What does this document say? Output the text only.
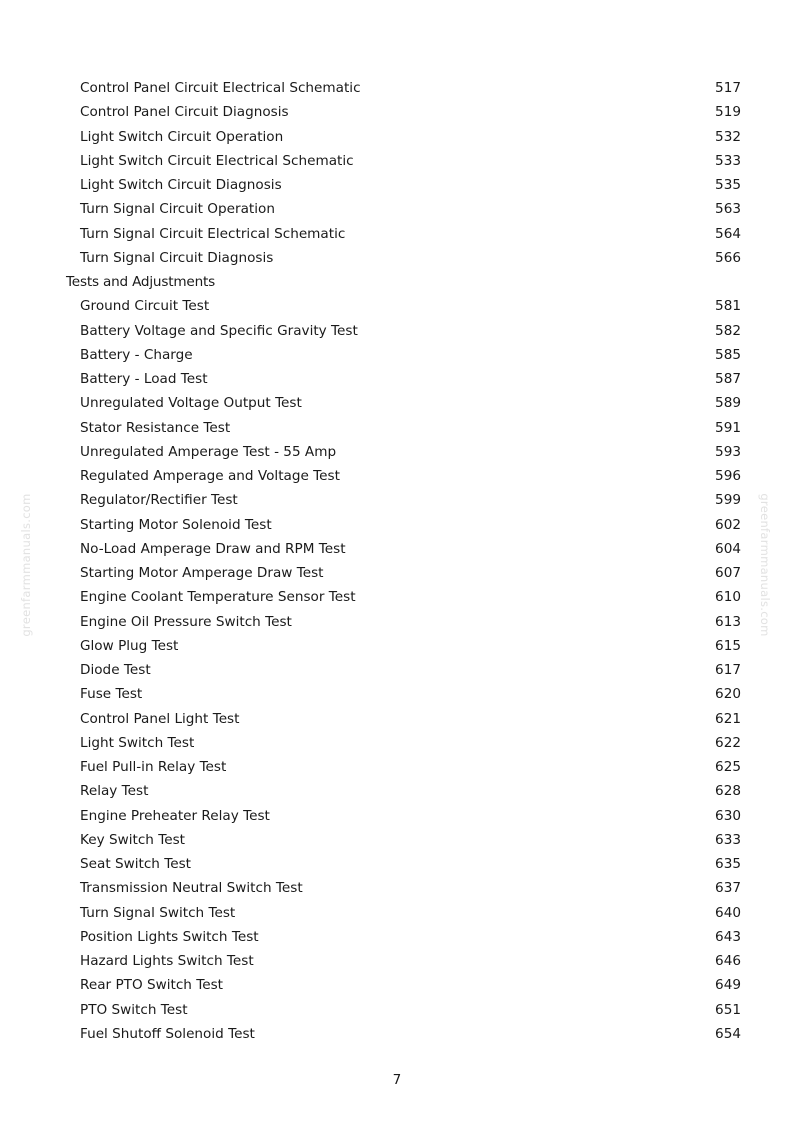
Control Panel Circuit Electrical Schematic	517
Control Panel Circuit Diagnosis	519
Light Switch Circuit Operation	532
Light Switch Circuit Electrical Schematic	533
Light Switch Circuit Diagnosis	535
Turn Signal Circuit Operation	563
Turn Signal Circuit Electrical Schematic	564
Turn Signal Circuit Diagnosis	566
Tests and Adjustments
Ground Circuit Test	581
Battery Voltage and Specific Gravity Test	582
Battery - Charge	585
Battery - Load Test	587
Unregulated Voltage Output Test	589
Stator Resistance Test	591
Unregulated Amperage Test - 55 Amp	593
Regulated Amperage and Voltage Test	596
Regulator/Rectifier Test	599
Starting Motor Solenoid Test	602
No-Load Amperage Draw and RPM Test	604
Starting Motor Amperage Draw Test	607
Engine Coolant Temperature Sensor Test	610
Engine Oil Pressure Switch Test	613
Glow Plug Test	615
Diode Test	617
Fuse Test	620
Control Panel Light Test	621
Light Switch Test	622
Fuel Pull-in Relay Test	625
Relay Test	628
Engine Preheater Relay Test	630
Key Switch Test	633
Seat Switch Test	635
Transmission Neutral Switch Test	637
Turn Signal Switch Test	640
Position Lights Switch Test	643
Hazard Lights Switch Test	646
Rear PTO Switch Test	649
PTO Switch Test	651
Fuel Shutoff Solenoid Test	654
greenfarmmanuals.com	greenfarmmanuals.com
7
